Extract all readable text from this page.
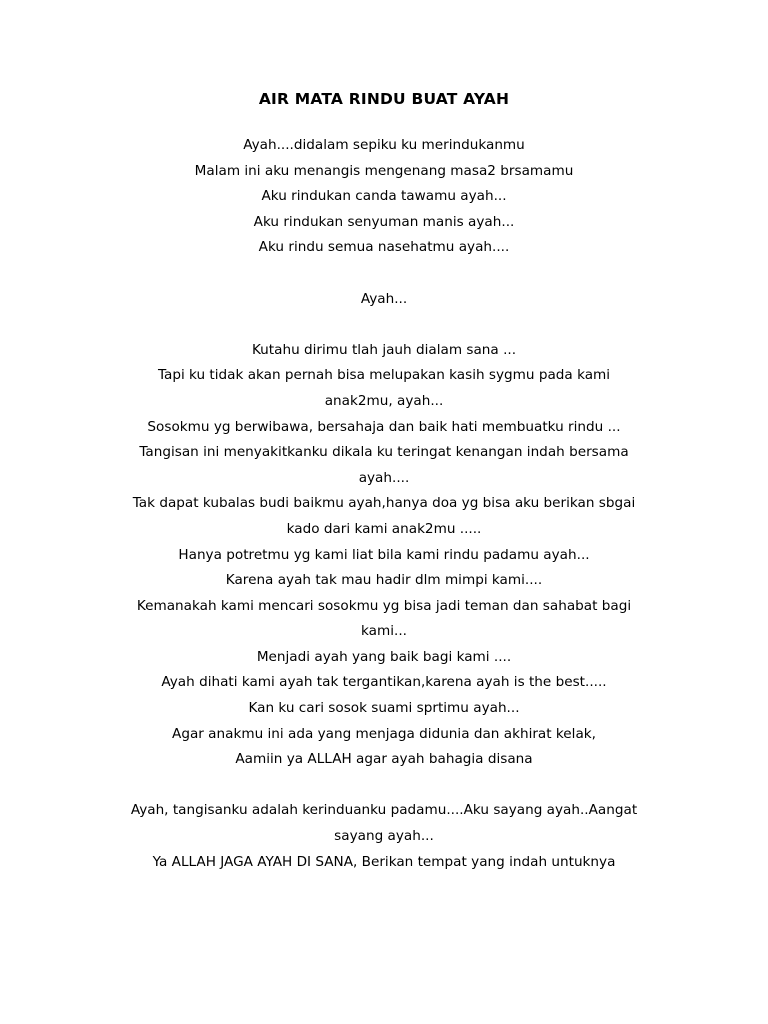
AIR MATA RINDU BUAT AYAH
Ayah....didalam sepiku ku merindukanmu
Malam ini aku menangis mengenang masa2 brsamamu
Aku rindukan canda tawamu ayah...
Aku rindukan senyuman manis ayah...
Aku rindu semua nasehatmu ayah....
Ayah...
Kutahu dirimu tlah jauh dialam sana ...
Tapi ku tidak akan pernah bisa melupakan kasih sygmu pada kami
anak2mu, ayah...
Sosokmu yg berwibawa, bersahaja dan baik hati membuatku rindu ...
Tangisan ini menyakitkanku dikala ku teringat kenangan indah bersama
ayah....
Tak dapat kubalas budi baikmu ayah,hanya doa yg bisa aku berikan sbgai
kado dari kami anak2mu .....
Hanya potretmu yg kami liat bila kami rindu padamu ayah...
Karena ayah tak mau hadir dlm mimpi kami....
Kemanakah kami mencari sosokmu yg bisa jadi teman dan sahabat bagi
kami...
Menjadi ayah yang baik bagi kami ....
Ayah dihati kami ayah tak tergantikan,karena ayah is the best.....
Kan ku cari sosok suami sprtimu ayah...
Agar anakmu ini ada yang menjaga didunia dan akhirat kelak,
Aamiin ya ALLAH agar ayah bahagia disana
Ayah, tangisanku adalah kerinduanku padamu....Aku sayang ayah..Aangat
sayang ayah...
Ya ALLAH JAGA AYAH DI SANA, Berikan tempat yang indah untuknya
